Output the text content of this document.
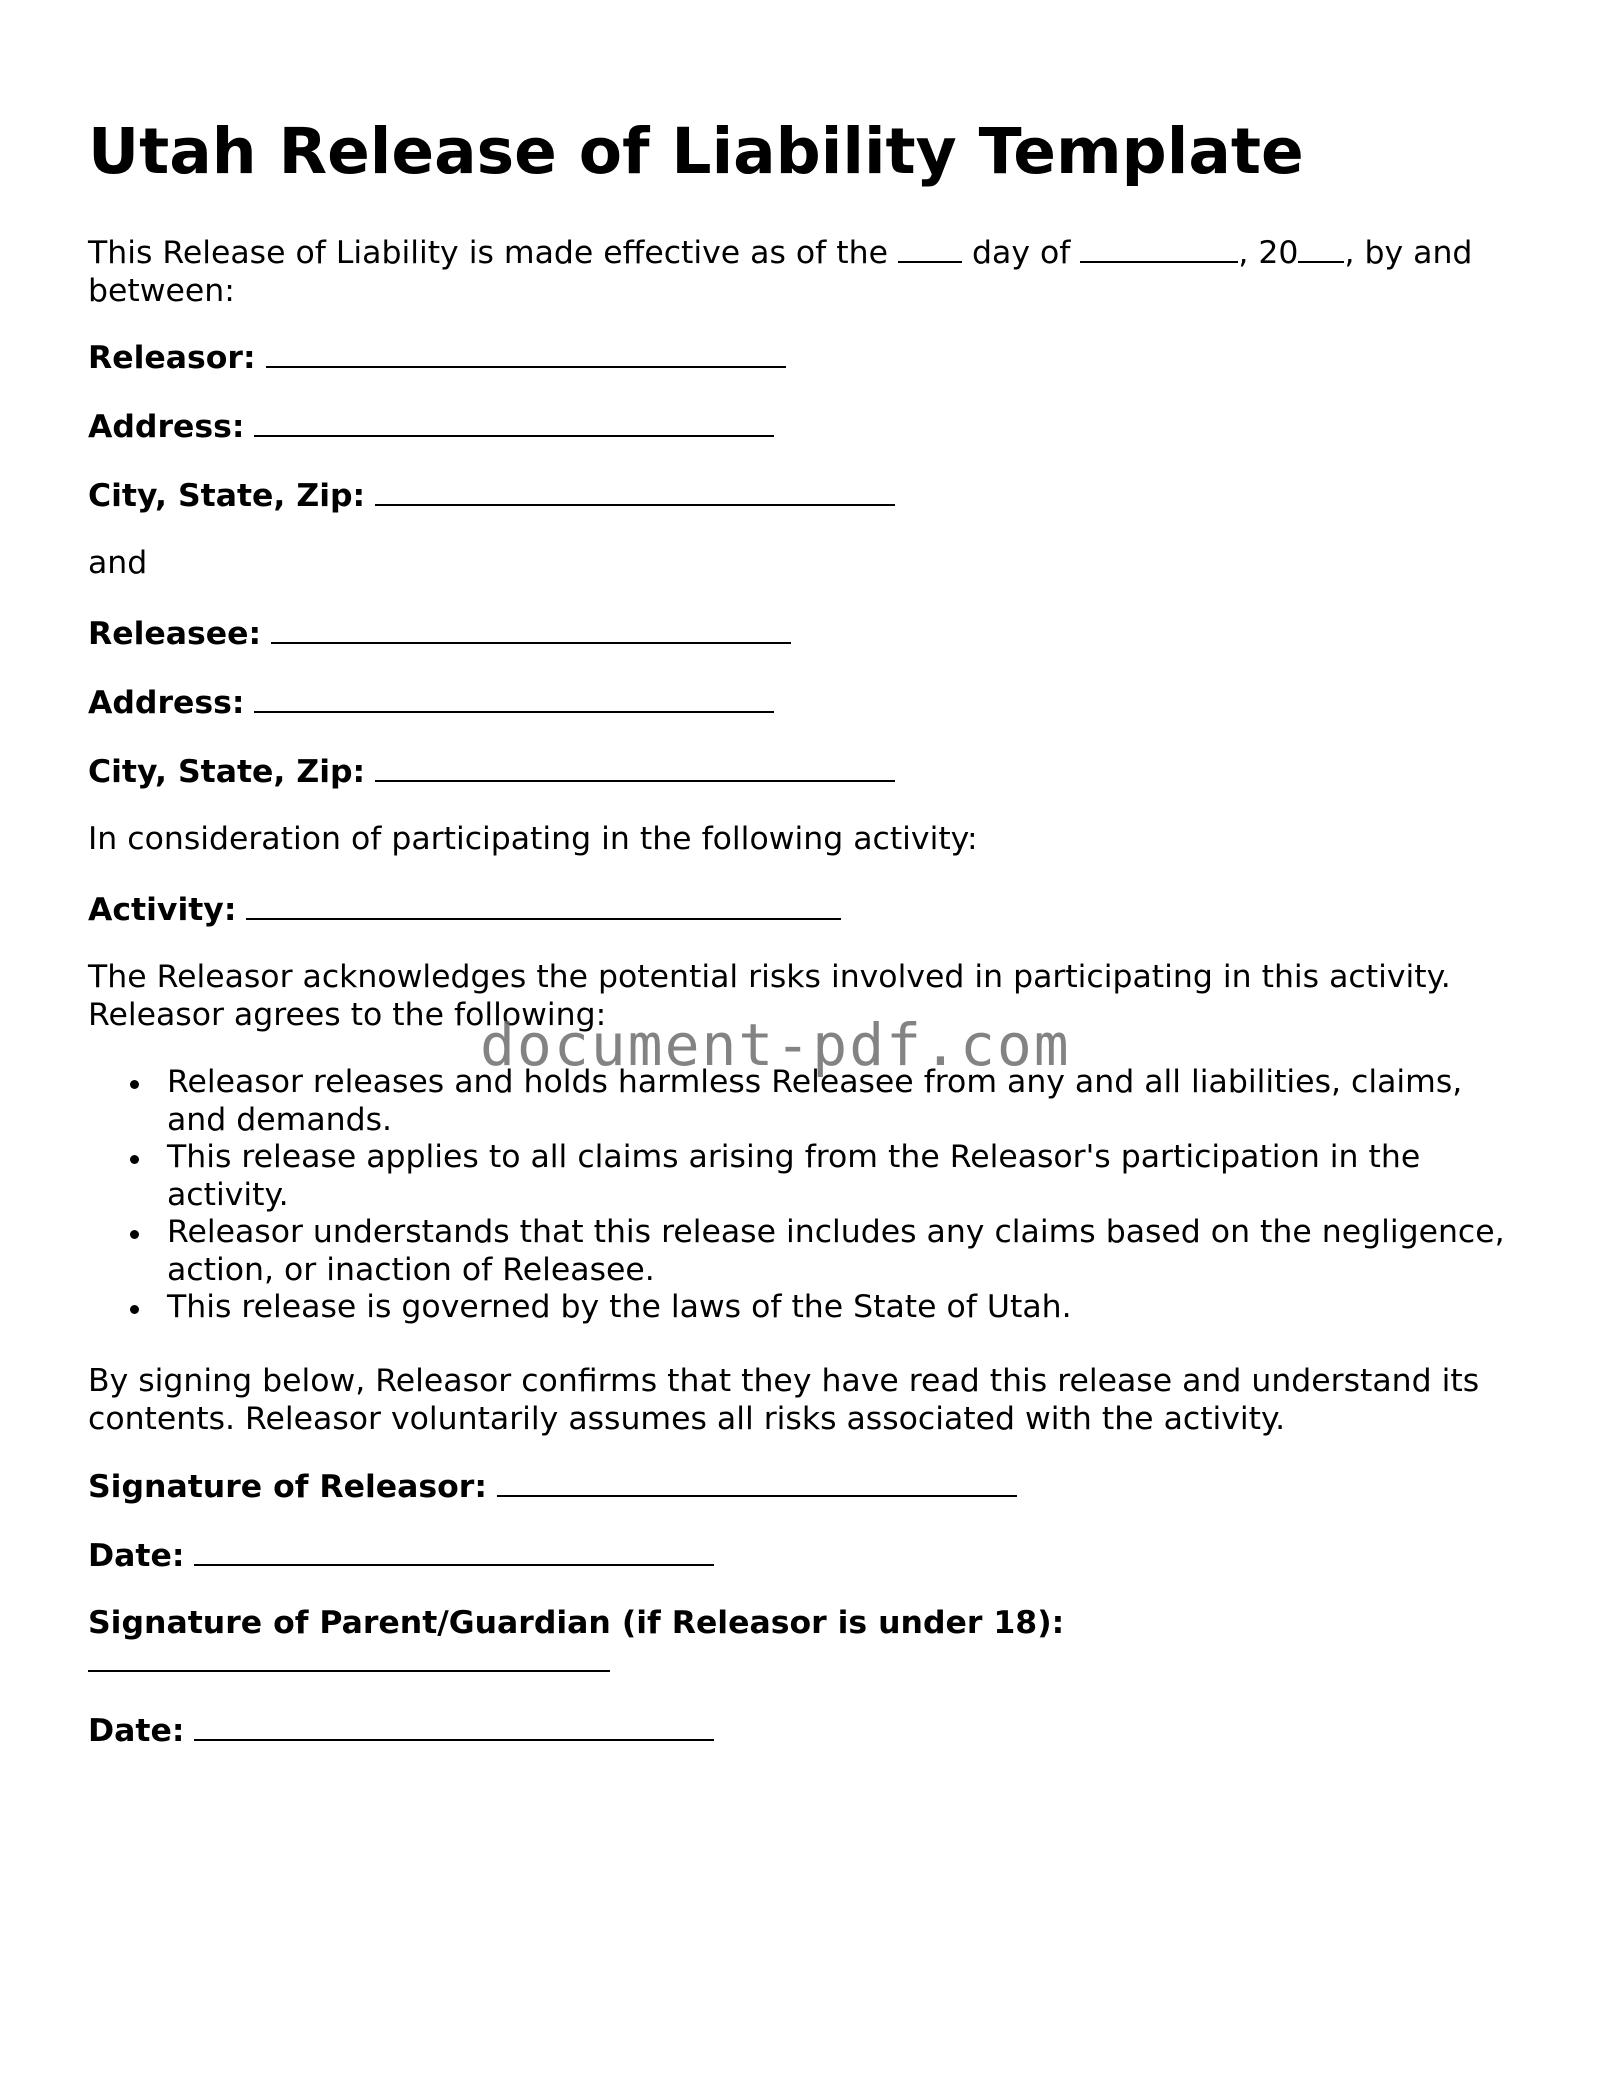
Utah Release of Liability Template
This Release of Liability is made effective as of the	day of	, 20 , by and between:
Releasor:
Address:
City, State, Zip:
and
Releasee:
Address:
City, State, Zip:
In consideration of participating in the following activity:
Activity:
The Releasor acknowledges the potential risks involved in participating in this activity. Releasor agrees to the following:
Releasor releases and holds harmless Releasee from any and all liabilities, claims, and demands.
This release applies to all claims arising from the Releasor's participation in the activity.
Releasor understands that this release includes any claims based on the negligence, action, or inaction of Releasee.
This release is governed by the laws of the State of Utah.
By signing below, Releasor confirms that they have read this release and understand its contents. Releasor voluntarily assumes all risks associated with the activity.
Signature of Releasor:
Date:
Signature of Parent/Guardian (if Releasor is under 18):
Date:
document-pdf.com
